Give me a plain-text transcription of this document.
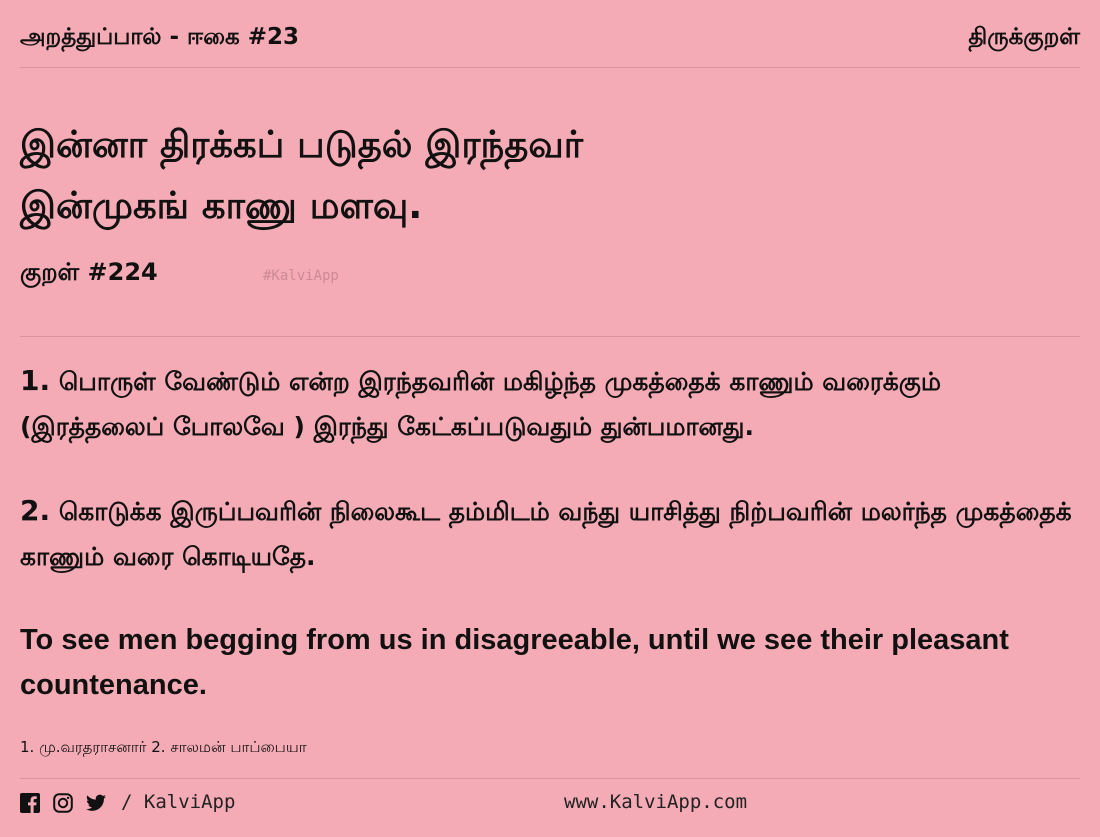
அறத்துப்பால் - ஈகை #23	திருக்குறள்
இன்னா திரக்கப் படுதல் இரந்தவர்
இன்முகங் காணு மளவு.
குறள் #224	#KalviApp
1. பொருள் வேண்டும் என்ற இரந்தவரின் மகிழ்ந்த முகத்தைக் காணும் வரைக்கும் (இரத்தலைப் போலவே ) இரந்து கேட்கப்படுவதும் துன்பமானது.
2. கொடுக்க இருப்பவரின் நிலைகூட தம்மிடம் வந்து யாசித்து நிற்பவரின் மலர்ந்த முகத்தைக் காணும் வரை கொடியதே.
To see men begging from us in disagreeable, until we see their pleasant countenance.
1. மு.வரதராசனார் 2. சாலமன் பாப்பையா
/ KalviApp	www.KalviApp.com
